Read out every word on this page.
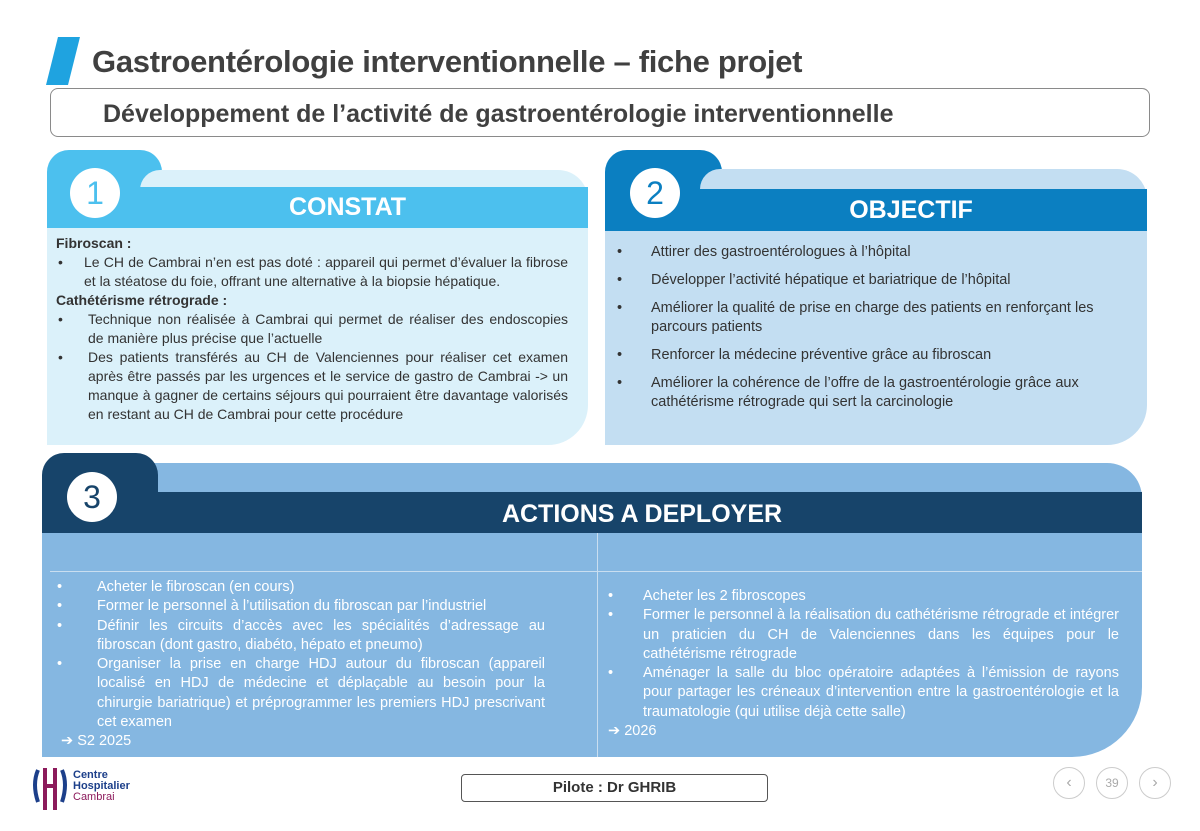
Gastroentérologie interventionnelle – fiche projet
Développement de l’activité de gastroentérologie interventionnelle
CONSTAT
1
Fibroscan :
• Le CH de Cambrai n’en est pas doté : appareil qui permet d’évaluer la fibrose et la stéatose du foie, offrant une alternative à la biopsie hépatique.
Cathétérisme rétrograde :
• Technique non réalisée à Cambrai qui permet de réaliser des endoscopies de manière plus précise que l’actuelle
• Des patients transférés au CH de Valenciennes pour réaliser cet examen après être passés par les urgences et le service de gastro de Cambrai -> un manque à gagner de certains séjours qui pourraient être davantage valorisés en restant au CH de Cambrai pour cette procédure
OBJECTIF
2
• Attirer des gastroentérologues à l’hôpital
• Développer l’activité hépatique et bariatrique de l’hôpital
• Améliorer la qualité de prise en charge des patients en renforçant les parcours patients
• Renforcer la médecine préventive grâce au fibroscan
• Améliorer la cohérence de l’offre de la gastroentérologie grâce aux cathétérisme rétrograde qui sert la carcinologie
ACTIONS A DEPLOYER
3
• Acheter le fibroscan (en cours)
• Former le personnel à l’utilisation du fibroscan par l’industriel
• Définir les circuits d’accès avec les spécialités d’adressage au fibroscan (dont gastro, diabéto, hépato et pneumo)
• Organiser la prise en charge HDJ autour du fibroscan (appareil localisé en HDJ de médecine et déplaçable au besoin pour la chirurgie bariatrique) et préprogrammer les premiers HDJ prescrivant cet examen
➔ S2 2025
• Acheter les 2 fibroscopes
• Former le personnel à la réalisation du cathétérisme rétrograde et intégrer un praticien du CH de Valenciennes dans les équipes pour le cathétérisme rétrograde
• Aménager la salle du bloc opératoire adaptées à l’émission de rayons pour partager les créneaux d’intervention entre la gastroentérologie et la traumatologie (qui utilise déjà cette salle)
➔ 2026
Centre
Hospitalier
Cambrai
Pilote : Dr GHRIB	‹	39	›
